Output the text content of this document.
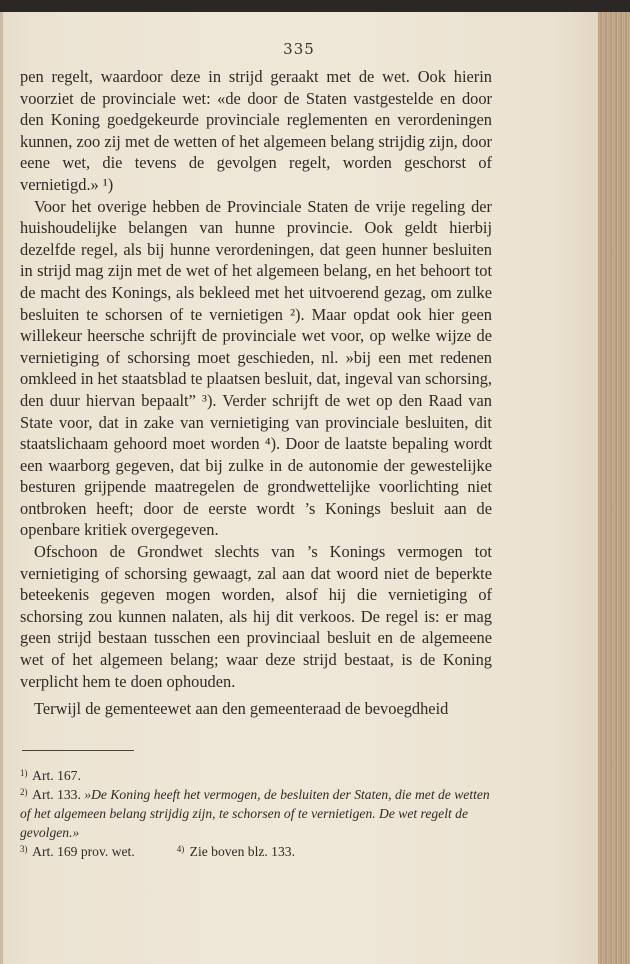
335

pen regelt, waardoor deze in strijd geraakt met de wet. Ook hierin voorziet de provinciale wet: «de door de Staten vastgestelde en door den Koning goedgekeurde provinciale reglementen en verordeningen kunnen, zoo zij met de wetten of het algemeen belang strijdig zijn, door eene wet, die tevens de gevolgen regelt, worden geschorst of vernietigd.» ¹)

Voor het overige hebben de Provinciale Staten de vrije regeling der huishoudelijke belangen van hunne provincie. Ook geldt hierbij dezelfde regel, als bij hunne verordeningen, dat geen hunner besluiten in strijd mag zijn met de wet of het algemeen belang, en het behoort tot de macht des Konings, als bekleed met het uitvoerend gezag, om zulke besluiten te schorsen of te vernietigen ²). Maar opdat ook hier geen willekeur heersche schrijft de provinciale wet voor, op welke wijze de vernietiging of schorsing moet geschieden, nl. »bij een met redenen omkleed in het staatsblad te plaatsen besluit, dat, ingeval van schorsing, den duur hiervan bepaalt” ³). Verder schrijft de wet op den Raad van State voor, dat in zake van vernietiging van provinciale besluiten, dit staatslichaam gehoord moet worden ⁴). Door de laatste bepaling wordt een waarborg gegeven, dat bij zulke in de autonomie der gewestelijke besturen grijpende maatregelen de grondwettelijke voorlichting niet ontbroken heeft; door de eerste wordt ’s Konings besluit aan de openbare kritiek overgegeven.

Ofschoon de Grondwet slechts van ’s Konings vermogen tot vernietiging of schorsing gewaagt, zal aan dat woord niet de beperkte beteekenis gegeven mogen worden, alsof hij die vernietiging of schorsing zou kunnen nalaten, als hij dit verkoos. De regel is: er mag geen strijd bestaan tusschen een provinciaal besluit en de algemeene wet of het algemeen belang; waar deze strijd bestaat, is de Koning verplicht hem te doen ophouden.

Terwijl de gementeewet aan den gemeenteraad de bevoegdheid

$^{1)}$ Art. 167.

$^{2)}$ Art. 133. »De Koning heeft het vermogen, de besluiten der Staten, die met de wetten of het algemeen belang strijdig zijn, te schorsen of te vernietigen. De wet regelt de gevolgen.»

$^{3)}$ Art. 169 prov. wet.	$^{4)}$ Zie boven blz. 133.
